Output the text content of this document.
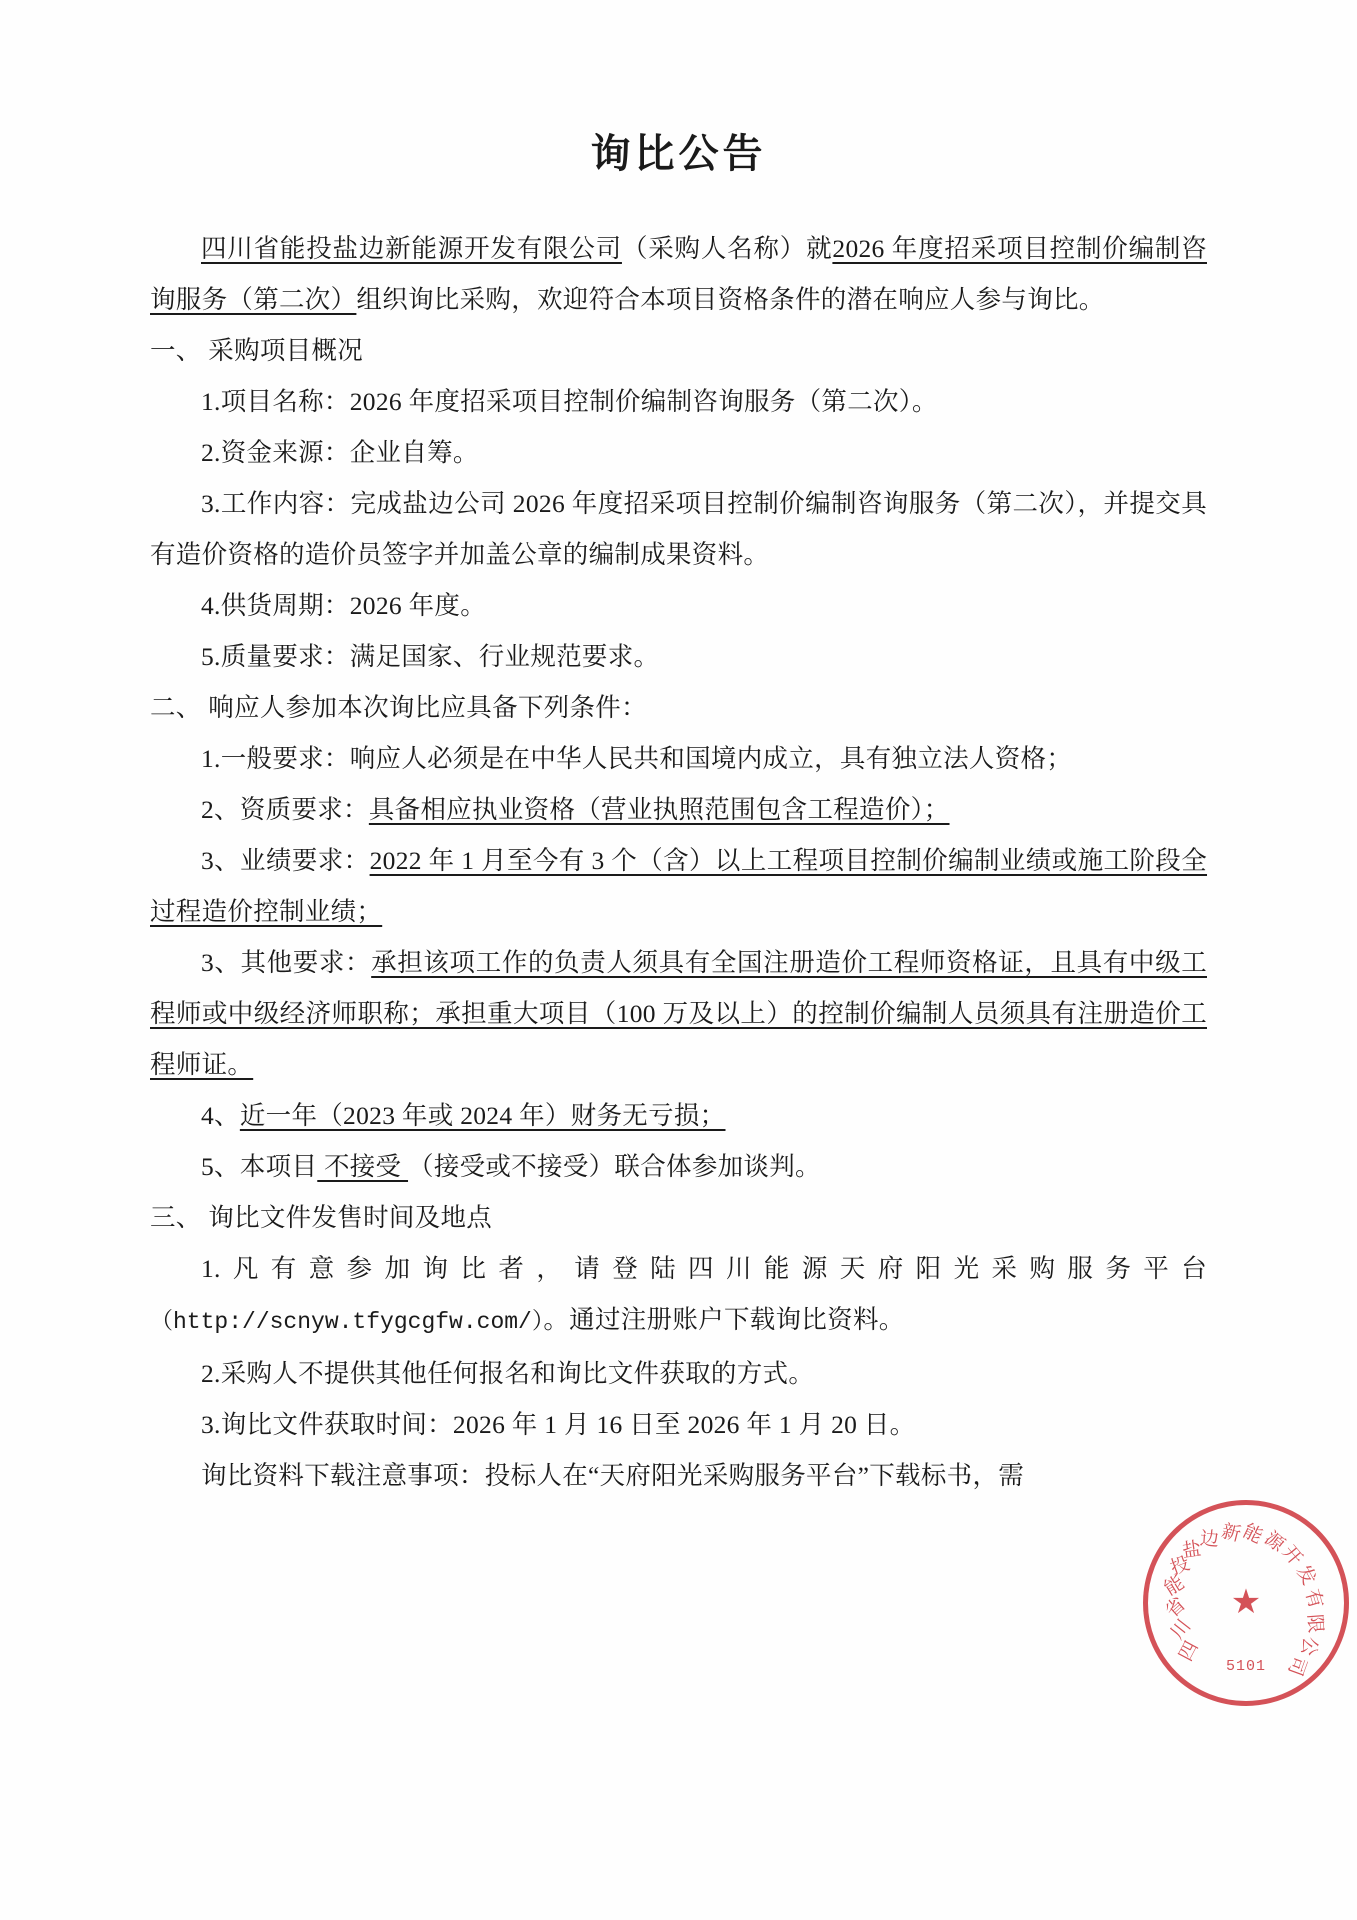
询比公告

四川省能投盐边新能源开发有限公司（采购人名称）就2026 年度招采项目控制价编制咨询服务（第二次）组织询比采购，欢迎符合本项目资格条件的潜在响应人参与询比。

一、 采购项目概况

1.项目名称：2026 年度招采项目控制价编制咨询服务（第二次）。

2.资金来源：企业自筹。

3.工作内容：完成盐边公司 2026 年度招采项目控制价编制咨询服务（第二次），并提交具有造价资格的造价员签字并加盖公章的编制成果资料。

4.供货周期：2026 年度。

5.质量要求：满足国家、行业规范要求。

二、 响应人参加本次询比应具备下列条件：

1.一般要求：响应人必须是在中华人民共和国境内成立，具有独立法人资格；

2、资质要求：具备相应执业资格（营业执照范围包含工程造价）；

3、业绩要求：2022 年 1 月至今有 3 个（含）以上工程项目控制价编制业绩或施工阶段全过程造价控制业绩；

3、其他要求：承担该项工作的负责人须具有全国注册造价工程师资格证，且具有中级工程师或中级经济师职称；承担重大项目（100 万及以上）的控制价编制人员须具有注册造价工程师证。

4、近一年（2023 年或 2024 年）财务无亏损；

5、本项目 不接受 （接受或不接受）联合体参加谈判。

三、 询比文件发售时间及地点

1.凡有意参加询比者，请登陆四川能源天府阳光采购服务平台（http://scnyw.tfygcgfw.com/）。通过注册账户下载询比资料。

2.采购人不提供其他任何报名和询比文件获取的方式。

3.询比文件获取时间：2026 年 1 月 16 日至 2026 年 1 月 20 日。

询比资料下载注意事项：投标人在“天府阳光采购服务平台”下载标书，需

★
四
川
省
能
投
盐
边 新
能
源
开
发
有
限
公
司
5101
